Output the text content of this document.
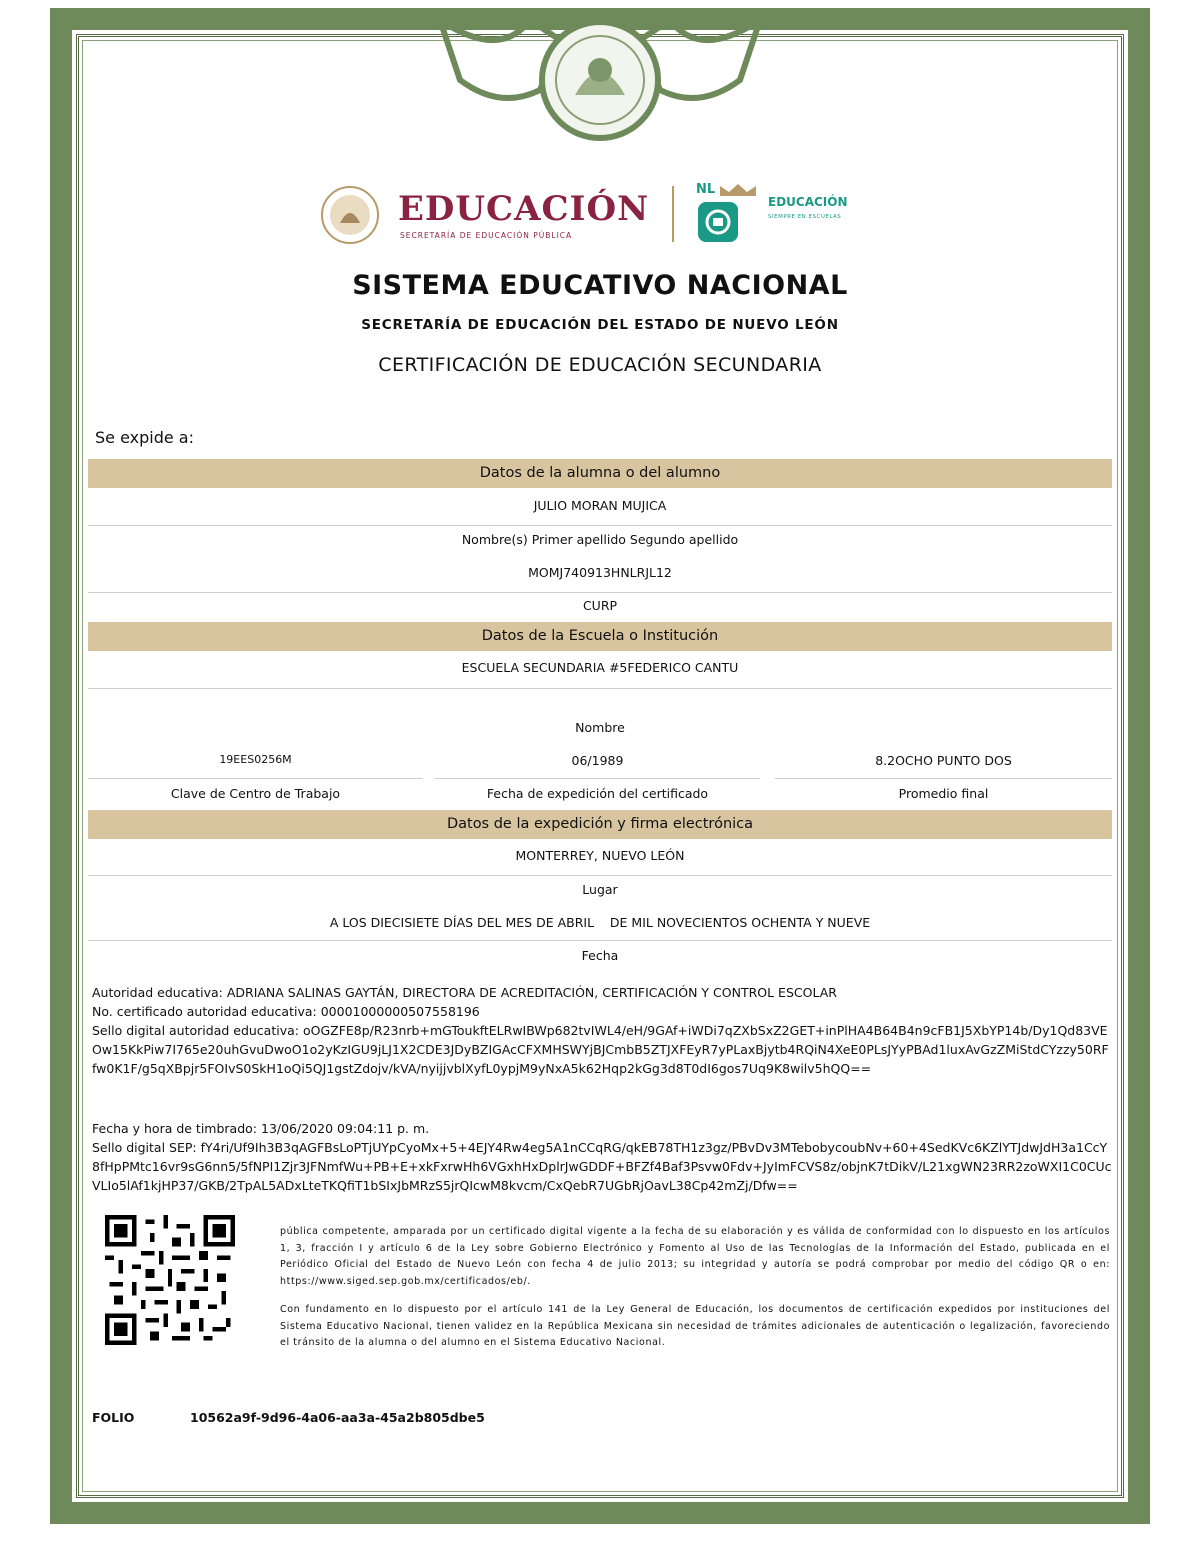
EDUCACIÓN
SECRETARÍA DE EDUCACIÓN PÚBLICA
NL
EDUCACIÓN
SIEMPRE EN ESCUELAS
SISTEMA EDUCATIVO NACIONAL
SECRETARÍA DE EDUCACIÓN DEL ESTADO DE NUEVO LEÓN
CERTIFICACIÓN DE EDUCACIÓN SECUNDARIA
Se expide a:
Datos de la alumna o del alumno
JULIO MORAN MUJICA
Nombre(s) Primer apellido Segundo apellido
MOMJ740913HNLRJL12
CURP
Datos de la Escuela o Institución
ESCUELA SECUNDARIA #5FEDERICO CANTU
Nombre
19EES0256M	06/1989	8.2OCHO PUNTO DOS
Clave de Centro de Trabajo	Fecha de expedición del certificado	Promedio final
Datos de la expedición y firma electrónica
MONTERREY, NUEVO LEÓN
Lugar
A LOS DIECISIETE DÍAS DEL MES DE ABRIL    DE MIL NOVECIENTOS OCHENTA Y NUEVE
Fecha
Autoridad educativa: ADRIANA SALINAS GAYTÁN, DIRECTORA DE ACREDITACIÓN, CERTIFICACIÓN Y CONTROL ESCOLAR
No. certificado autoridad educativa: 00001000000507558196
Sello digital autoridad educativa: oOGZFE8p/R23nrb+mGToukftELRwIBWp682tvIWL4/eH/9GAf+iWDi7qZXbSxZ2GET+inPlHA4B64B4n9cFB1J5XbYP14b/Dy1Qd83VEOw15KkPiw7I765e20uhGvuDwoO1o2yKzIGU9jLJ1X2CDE3JDyBZIGAcCFXMHSWYjBJCmbB5ZTJXFEyR7yPLaxBjytb4RQiN4XeE0PLsJYyPBAd1luxAvGzZMiStdCYzzy50RFfw0K1F/g5qXBpjr5FOIvS0SkH1oQi5QJ1gstZdojv/kVA/nyijjvblXyfL0ypjM9yNxA5k62Hqp2kGg3d8T0dI6gos7Uq9K8wilv5hQQ==
Fecha y hora de timbrado: 13/06/2020 09:04:11 p. m.
Sello digital SEP: fY4ri/Uf9Ih3B3qAGFBsLoPTjUYpCyoMx+5+4EJY4Rw4eg5A1nCCqRG/qkEB78TH1z3gz/PBvDv3MTebobycoubNv+60+4SedKVc6KZlYTJdwJdH3a1CcY8fHpPMtc16vr9sG6nn5/5fNPI1Zjr3JFNmfWu+PB+E+xkFxrwHh6VGxhHxDplrJwGDDF+BFZf4Baf3Psvw0Fdv+JyImFCVS8z/objnK7tDikV/L21xgWN23RR2zoWXI1C0CUcVLIo5lAf1kjHP37/GKB/2TpAL5ADxLteTKQfiT1bSIxJbMRzS5jrQIcwM8kvcm/CxQebR7UGbRjOavL38Cp42mZj/Dfw==
pública competente, amparada por un certificado digital vigente a la fecha de su elaboración y es válida de conformidad con lo dispuesto en los artículos 1, 3, fracción I y artículo 6 de la Ley sobre Gobierno Electrónico y Fomento al Uso de las Tecnologías de la Información del Estado, publicada en el Periódico Oficial del Estado de Nuevo León con fecha 4 de julio 2013; su integridad y autoría se podrá comprobar por medio del código QR o en: https://www.siged.sep.gob.mx/certificados/eb/.
Con fundamento en lo dispuesto por el artículo 141 de la Ley General de Educación, los documentos de certificación expedidos por instituciones del Sistema Educativo Nacional, tienen validez en la República Mexicana sin necesidad de trámites adicionales de autenticación o legalización, favoreciendo el tránsito de la alumna o del alumno en el Sistema Educativo Nacional.
FOLIO	10562a9f-9d96-4a06-aa3a-45a2b805dbe5
